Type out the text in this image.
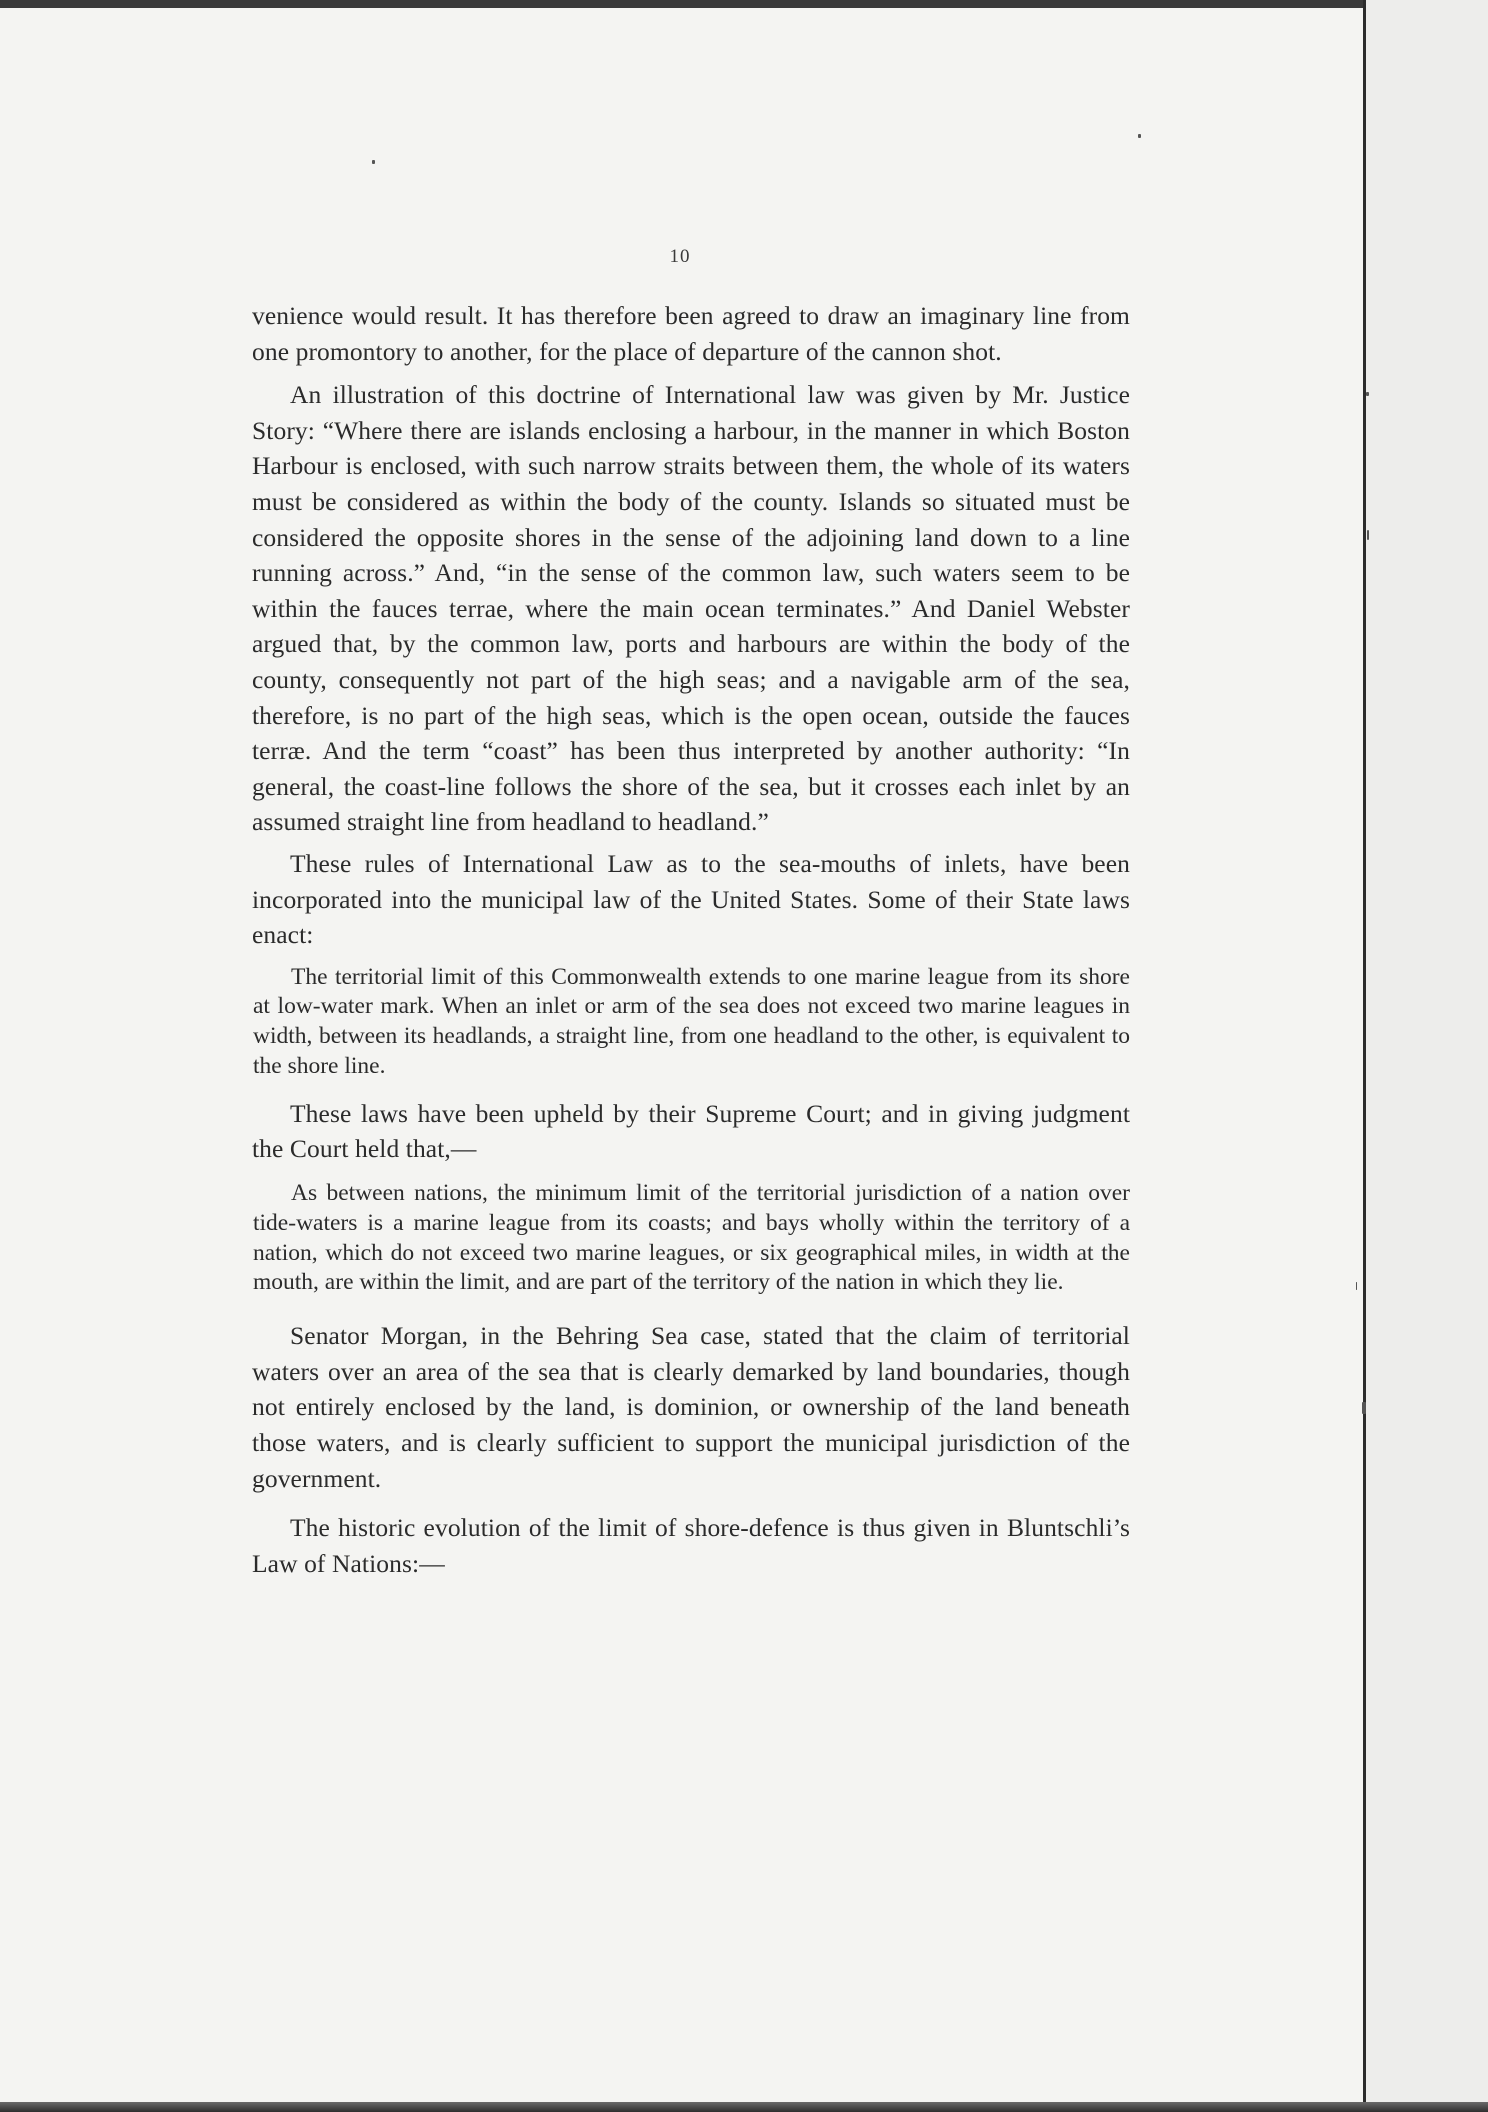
10

venience would result. It has therefore been agreed to draw an imaginary line from one promontory to another, for the place of departure of the cannon shot.

An illustration of this doctrine of International law was given by Mr. Justice Story: “Where there are islands enclosing a harbour, in the manner in which Boston Harbour is enclosed, with such narrow straits between them, the whole of its waters must be considered as within the body of the county. Islands so situated must be considered the opposite shores in the sense of the adjoining land down to a line running across.” And, “in the sense of the common law, such waters seem to be within the fauces terrae, where the main ocean terminates.” And Daniel Webster argued that, by the common law, ports and harbours are within the body of the county, consequently not part of the high seas; and a navigable arm of the sea, therefore, is no part of the high seas, which is the open ocean, outside the fauces terræ. And the term “coast” has been thus interpreted by another authority: “In general, the coast-line follows the shore of the sea, but it crosses each inlet by an assumed straight line from headland to headland.”

These rules of International Law as to the sea-mouths of inlets, have been incorporated into the municipal law of the United States. Some of their State laws enact:

The territorial limit of this Commonwealth extends to one marine league from its shore at low-water mark. When an inlet or arm of the sea does not exceed two marine leagues in width, between its headlands, a straight line, from one headland to the other, is equivalent to the shore line.

These laws have been upheld by their Supreme Court; and in giving judgment the Court held that,—

As between nations, the minimum limit of the territorial jurisdiction of a nation over tide-waters is a marine league from its coasts; and bays wholly within the territory of a nation, which do not exceed two marine leagues, or six geographical miles, in width at the mouth, are within the limit, and are part of the territory of the nation in which they lie.

Senator Morgan, in the Behring Sea case, stated that the claim of territorial waters over an area of the sea that is clearly demarked by land boundaries, though not entirely enclosed by the land, is dominion, or ownership of the land beneath those waters, and is clearly sufficient to support the municipal jurisdiction of the government.

The historic evolution of the limit of shore-defence is thus given in Bluntschli’s Law of Nations:—
